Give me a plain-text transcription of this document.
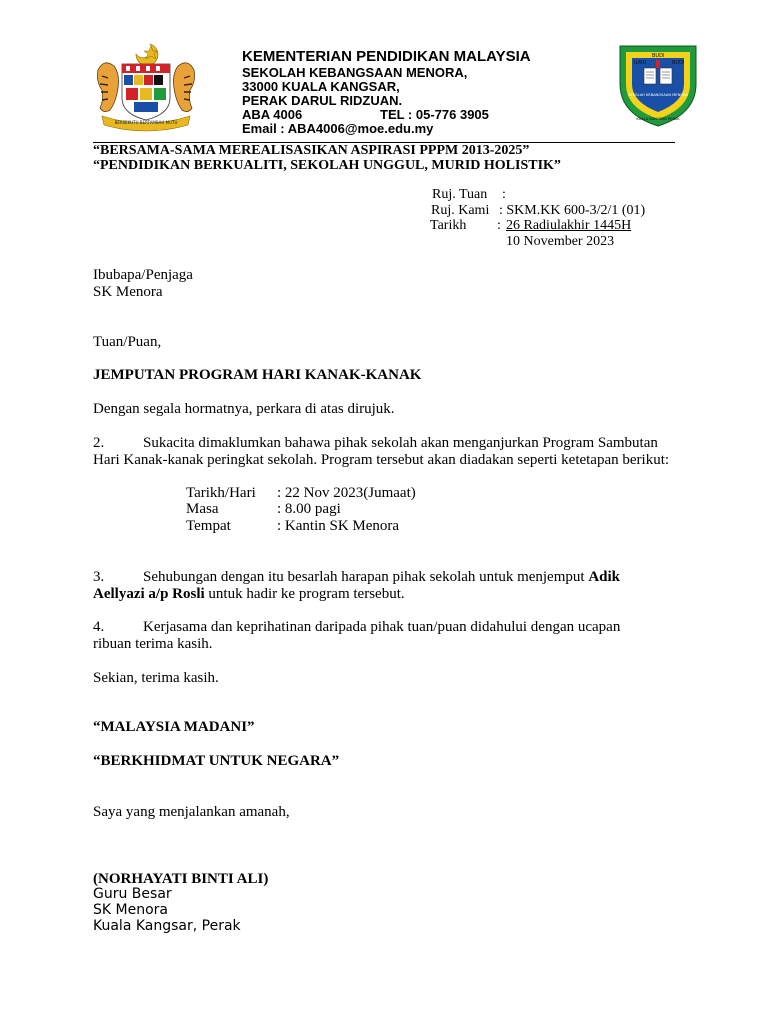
BERSEKUTU BERTAMBAH MUTU
ILMU
BUDI
BUDI
SEKOLAH KEBANGSAAN MENORA
KUALA KANGSAR PERAK
KEMENTERIAN PENDIDIKAN MALAYSIA
SEKOLAH KEBANGSAAN MENORA,
33000 KUALA KANGSAR,
PERAK DARUL RIDZUAN.
ABA 4006	TEL : 05-776 3905
Email : ABA4006@moe.edu.my
“BERSAMA-SAMA MEREALISASIKAN ASPIRASI PPPM 2013-2025”
“PENDIDIKAN BERKUALITI, SEKOLAH UNGGUL, MURID HOLISTIK”
Ruj. Tuan :
Ruj. Kami : SKM.KK 600-3/2/1 (01)
Tarikh : 26 Radiulakhir 1445H
10 November 2023
Ibubapa/Penjaga
SK Menora
Tuan/Puan,
JEMPUTAN PROGRAM HARI KANAK-KANAK
Dengan segala hormatnya, perkara di atas dirujuk.

2.	Sukacita dimaklumkan bahawa pihak sekolah akan menganjurkan Program Sambutan Hari Kanak-kanak peringkat sekolah. Program tersebut akan diadakan seperti ketetapan berikut:

Tarikh/Hari : 22 Nov 2023(Jumaat)
Masa	: 8.00 pagi
Tempat	: Kantin SK Menora

3.	Sehubungan dengan itu besarlah harapan pihak sekolah untuk menjemput Adik Aellyazi a/p Rosli untuk hadir ke program tersebut.

4.	Kerjasama dan keprihatinan daripada pihak tuan/puan didahului dengan ucapan ribuan terima kasih.

Sekian, terima kasih.
“MALAYSIA MADANI”
“BERKHIDMAT UNTUK NEGARA”
Saya yang menjalankan amanah,
(NORHAYATI BINTI ALI)
Guru Besar
SK Menora
Kuala Kangsar, Perak
